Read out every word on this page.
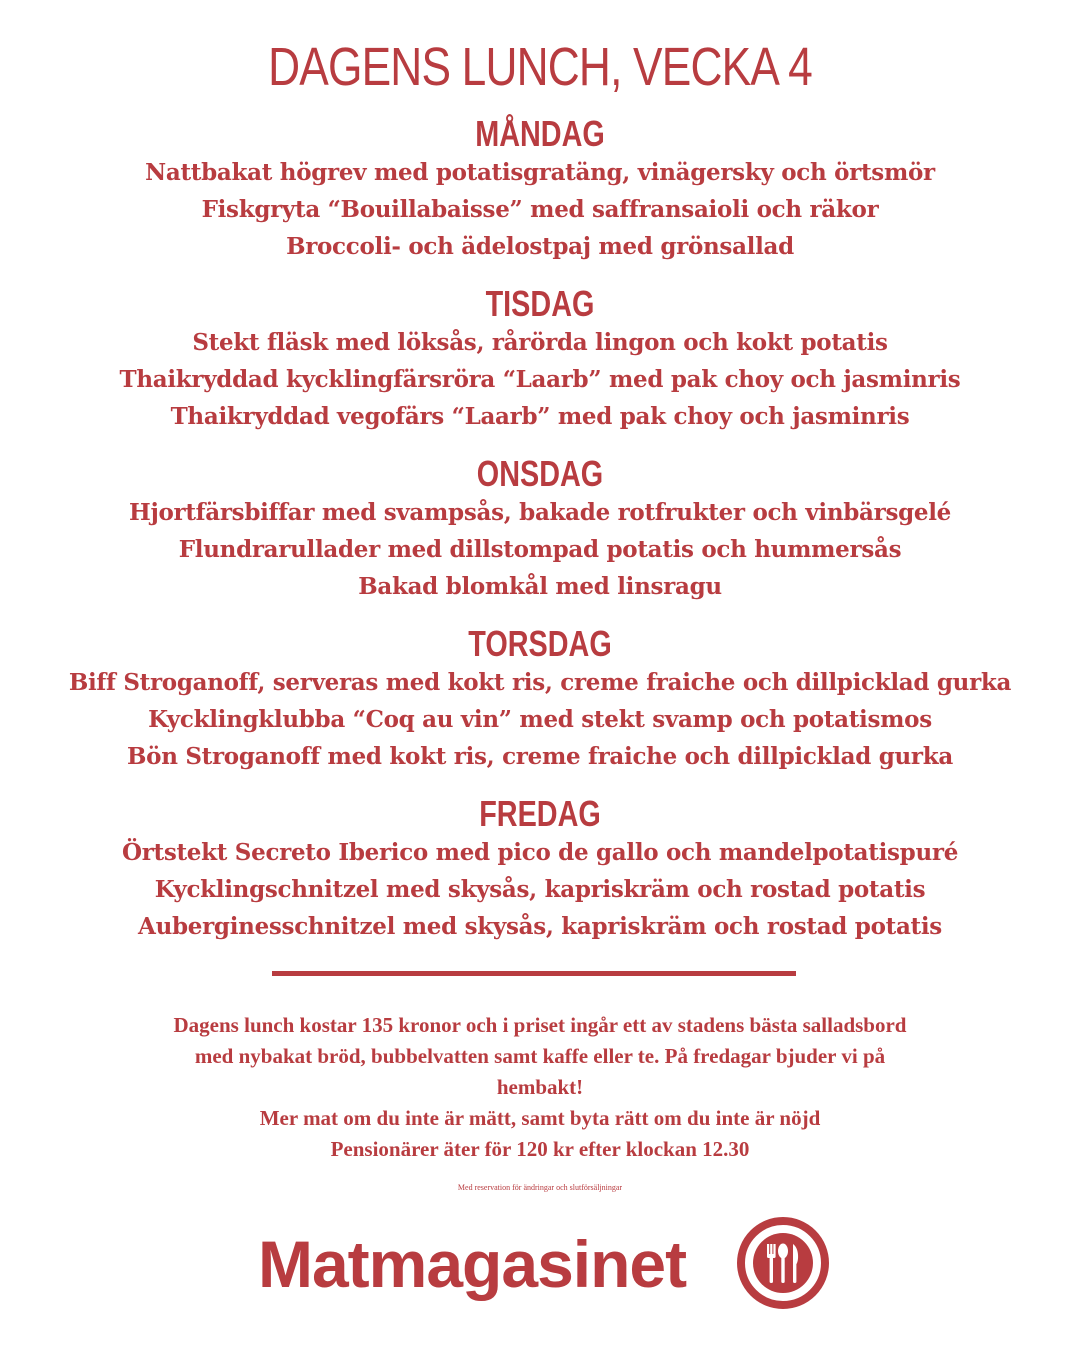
DAGENS LUNCH, VECKA 4
MÅNDAG
Nattbakat högrev med potatisgratäng, vinägersky och örtsmör
Fiskgryta “Bouillabaisse” med saffransaioli och räkor
Broccoli- och ädelostpaj med grönsallad
TISDAG
Stekt fläsk med löksås, rårörda lingon och kokt potatis
Thaikryddad kycklingfärsröra “Laarb” med pak choy och jasminris
Thaikryddad vegofärs “Laarb” med pak choy och jasminris
ONSDAG
Hjortfärsbiffar med svampsås, bakade rotfrukter och vinbärsgelé
Flundrarullader med dillstompad potatis och hummersås
Bakad blomkål med linsragu
TORSDAG
Biff Stroganoff, serveras med kokt ris, creme fraiche och dillpicklad gurka
Kycklingklubba “Coq au vin” med stekt svamp och potatismos
Bön Stroganoff med kokt ris, creme fraiche och dillpicklad gurka
FREDAG
Örtstekt Secreto Iberico med pico de gallo och mandelpotatispuré
Kycklingschnitzel med skysås, kapriskräm och rostad potatis
Auberginesschnitzel med skysås, kapriskräm och rostad potatis
Dagens lunch kostar 135 kronor och i priset ingår ett av stadens bästa salladsbord
med nybakat bröd, bubbelvatten samt kaffe eller te. På fredagar bjuder vi på
hembakt!
Mer mat om du inte är mätt, samt byta rätt om du inte är nöjd
Pensionärer äter för 120 kr efter klockan 12.30
Med reservation för ändringar och slutförsäljningar
Matmagasinet
